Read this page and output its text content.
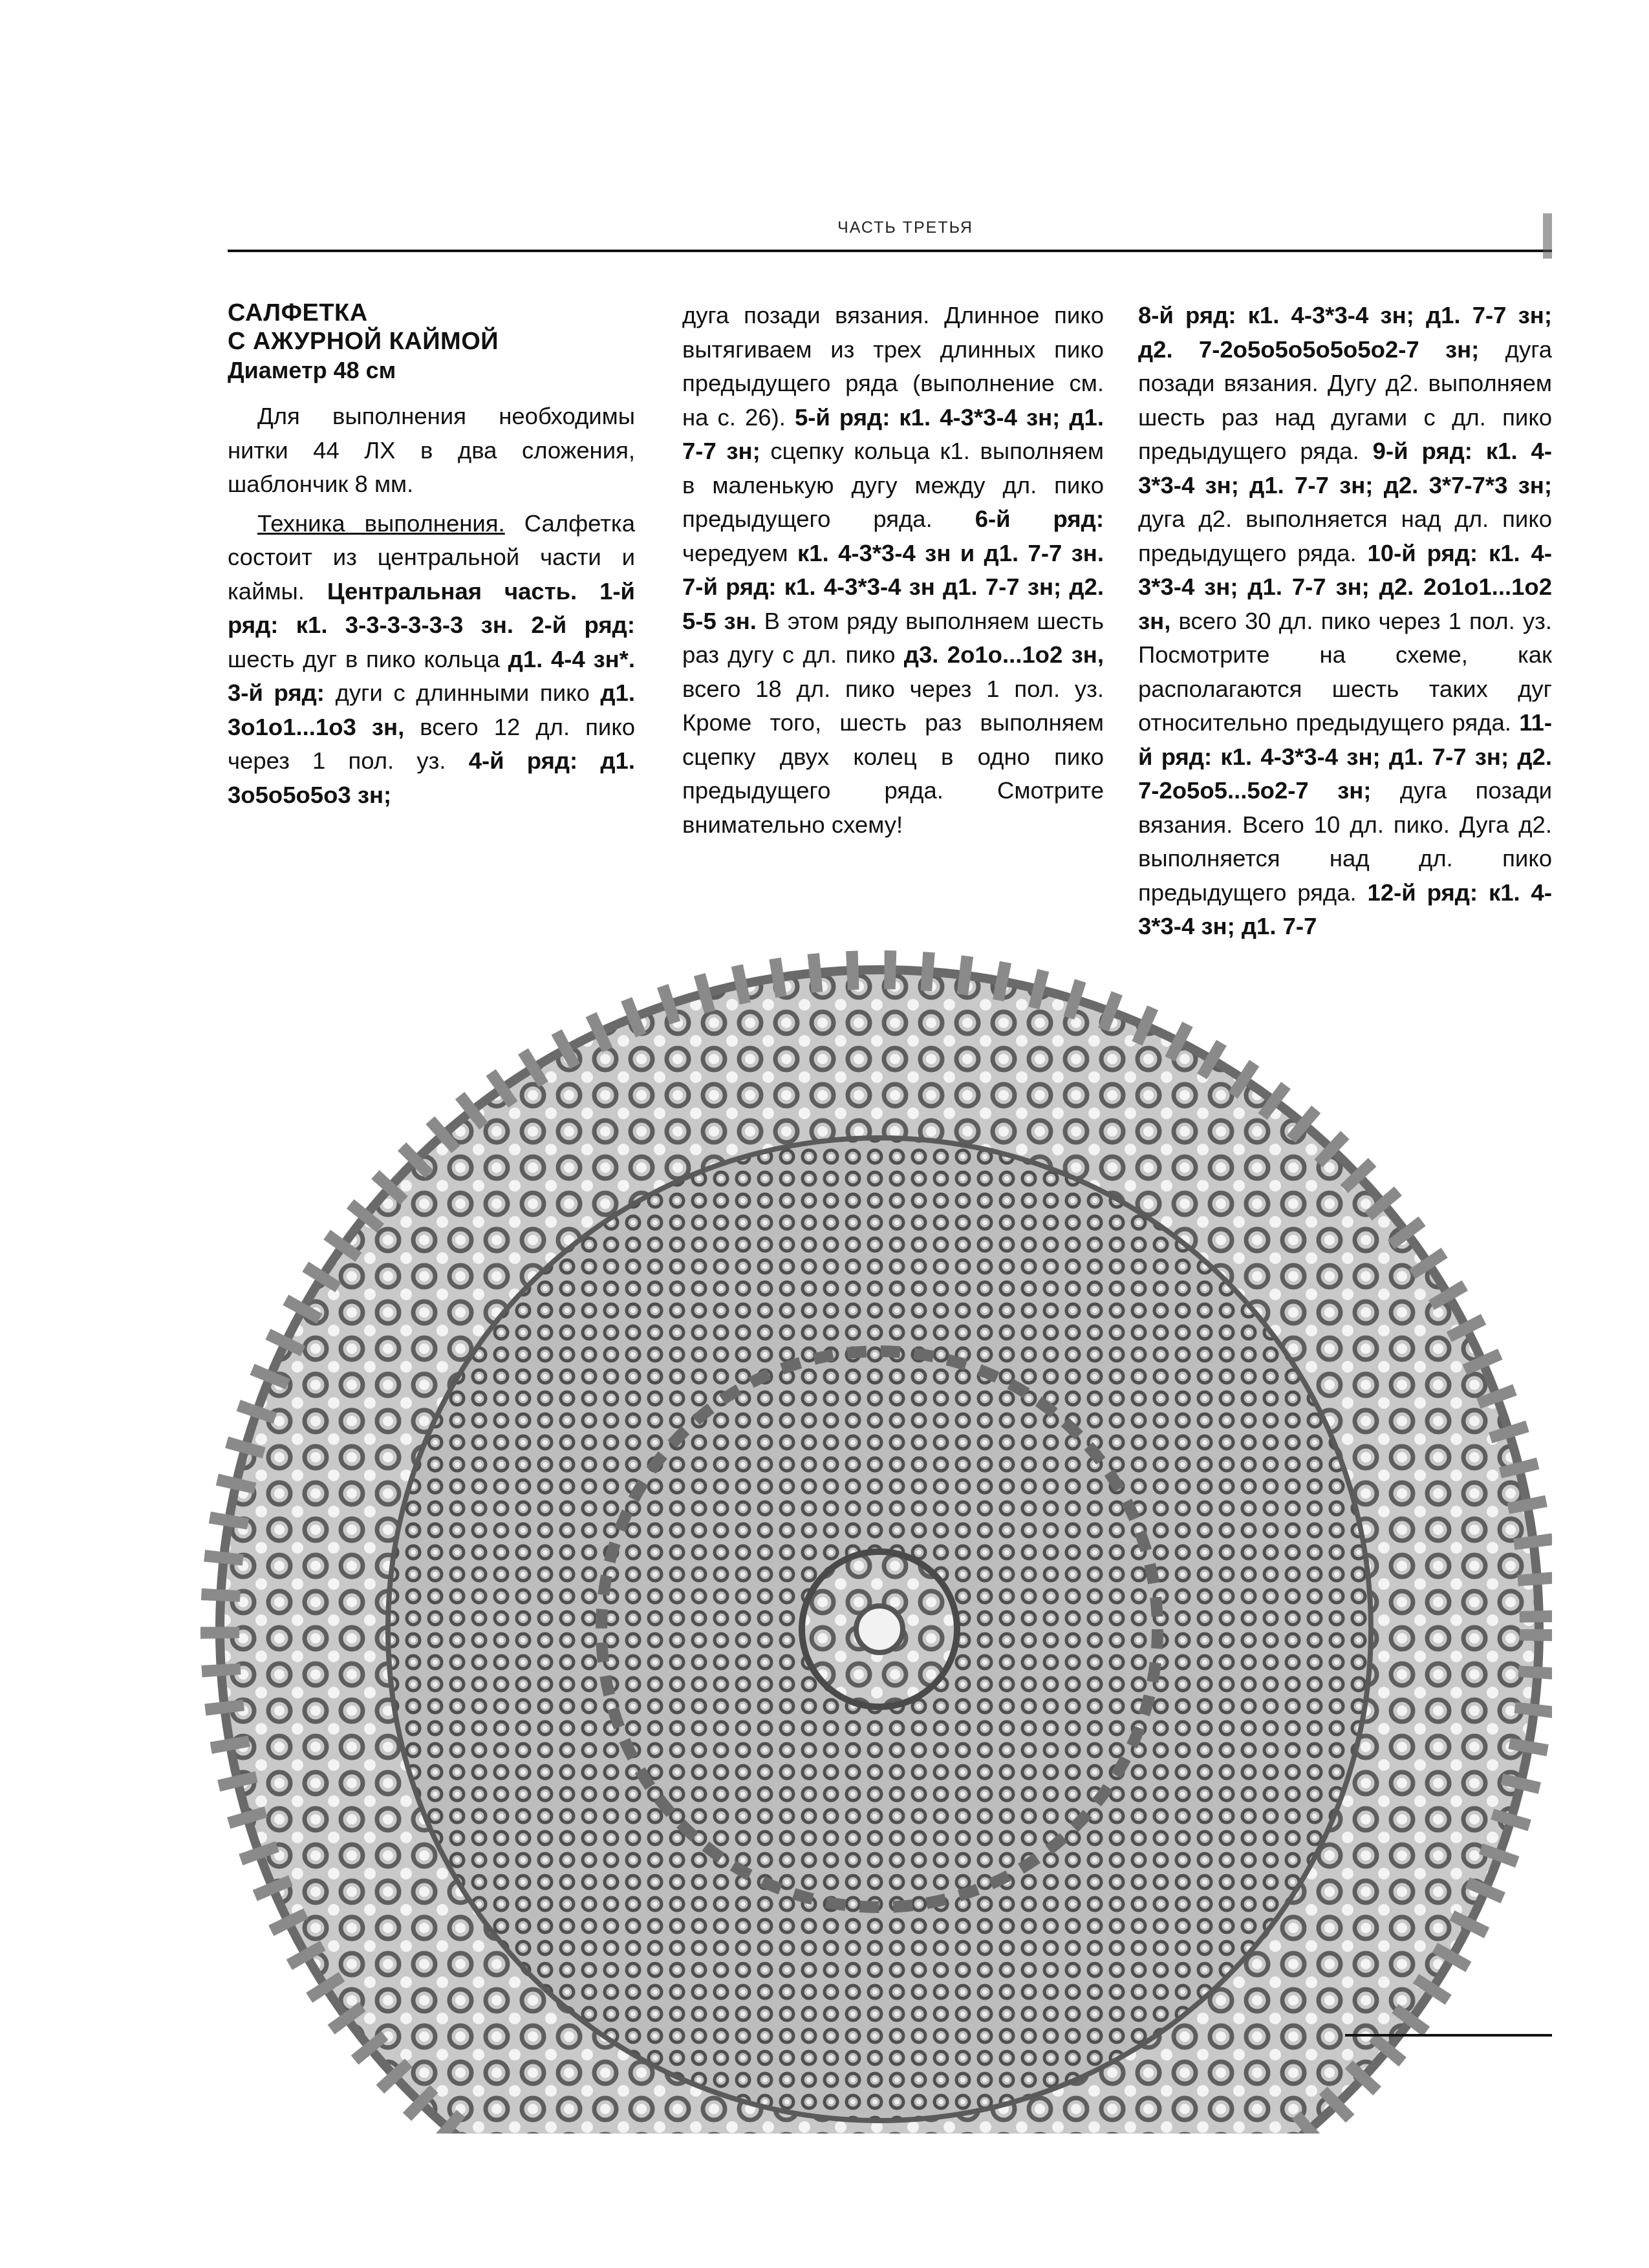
ЧАСТЬ ТРЕТЬЯ
САЛФЕТКА
С АЖУРНОЙ КАЙМОЙ
Диаметр 48 см

Для выполнения необходимы нитки 44 ЛХ в два сложения, шаблончик 8 мм.

Техника выполнения. Салфетка состоит из центральной части и каймы. Центральная часть. 1-й ряд: к1. 3-3-3-3-3-3 зн. 2-й ряд: шесть дуг в пико кольца д1. 4-4 зн*. 3-й ряд: дуги с длинными пико д1. 3о1о1...1о3 зн, всего 12 дл. пико через 1 пол. уз. 4-й ряд: д1. 3о5о5о5о3 зн;

дуга позади вязания. Длинное пико вытягиваем из трех длинных пико предыдущего ряда (выполнение см. на с. 26). 5-й ряд: к1. 4-3*3-4 зн; д1. 7-7 зн; сцепку кольца к1. выполняем в маленькую дугу между дл. пико предыдущего ряда. 6-й ряд: чередуем к1. 4-3*3-4 зн и д1. 7-7 зн. 7-й ряд: к1. 4-3*3-4 зн д1. 7-7 зн; д2. 5-5 зн. В этом ряду выполняем шесть раз дугу с дл. пико д3. 2о1о...1о2 зн, всего 18 дл. пико через 1 пол. уз. Кроме того, шесть раз выполняем сцепку двух колец в одно пико предыдущего ряда. Смотрите внимательно схему!

8-й ряд: к1. 4-3*3-4 зн; д1. 7-7 зн; д2. 7-2о5о5о5о5о5о2-7 зн; дуга позади вязания. Дугу д2. выполняем шесть раз над дугами с дл. пико предыдущего ряда. 9-й ряд: к1. 4-3*3-4 зн; д1. 7-7 зн; д2. 3*7-7*3 зн; дуга д2. выполняется над дл. пико предыдущего ряда. 10-й ряд: к1. 4-3*3-4 зн; д1. 7-7 зн; д2. 2о1о1...1о2 зн, всего 30 дл. пико через 1 пол. уз. Посмотрите на схеме, как располагаются шесть таких дуг относительно предыдущего ряда. 11-й ряд: к1. 4-3*3-4 зн; д1. 7-7 зн; д2. 7-2о5о5...5о2-7 зн; дуга позади вязания. Всего 10 дл. пико. Дуга д2. выполняется над дл. пико предыдущего ряда. 12-й ряд: к1. 4-3*3-4 зн; д1. 7-7
